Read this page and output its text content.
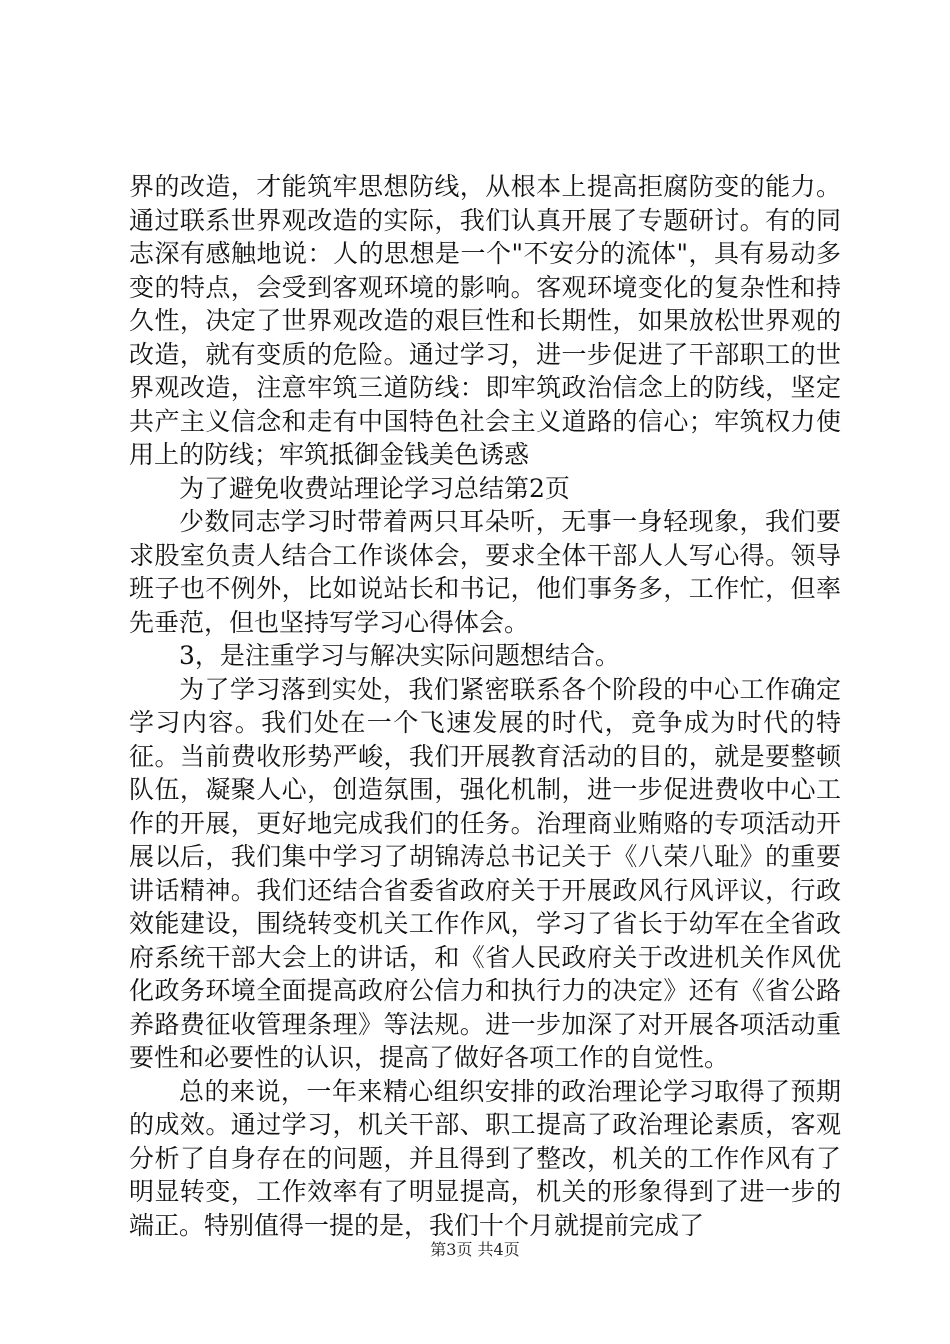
界的改造，才能筑牢思想防线，从根本上提高拒腐防变的能力。通过联系世界观改造的实际，我们认真开展了专题研讨。有的同志深有感触地说：人的思想是一个"不安分的流体"，具有易动多变的特点，会受到客观环境的影响。客观环境变化的复杂性和持久性，决定了世界观改造的艰巨性和长期性，如果放松世界观的改造，就有变质的危险。通过学习，进一步促进了干部职工的世界观改造，注意牢筑三道防线：即牢筑政治信念上的防线，坚定共产主义信念和走有中国特色社会主义道路的信心；牢筑权力使用上的防线；牢筑抵御金钱美色诱惑

为了避免收费站理论学习总结第2页

少数同志学习时带着两只耳朵听，无事一身轻现象，我们要求股室负责人结合工作谈体会，要求全体干部人人写心得。领导班子也不例外，比如说站长和书记，他们事务多，工作忙，但率先垂范，但也坚持写学习心得体会。

3，是注重学习与解决实际问题想结合。

为了学习落到实处，我们紧密联系各个阶段的中心工作确定学习内容。我们处在一个飞速发展的时代，竞争成为时代的特征。当前费收形势严峻，我们开展教育活动的目的，就是要整顿队伍，凝聚人心，创造氛围，强化机制，进一步促进费收中心工作的开展，更好地完成我们的任务。治理商业贿赂的专项活动开展以后，我们集中学习了胡锦涛总书记关于《八荣八耻》的重要讲话精神。我们还结合省委省政府关于开展政风行风评议，行政效能建设，围绕转变机关工作作风，学习了省长于幼军在全省政府系统干部大会上的讲话，和《省人民政府关于改进机关作风优化政务环境全面提高政府公信力和执行力的决定》还有《省公路养路费征收管理条理》等法规。进一步加深了对开展各项活动重要性和必要性的认识，提高了做好各项工作的自觉性。

总的来说，一年来精心组织安排的政治理论学习取得了预期的成效。通过学习，机关干部、职工提高了政治理论素质，客观分析了自身存在的问题，并且得到了整改，机关的工作作风有了明显转变，工作效率有了明显提高，机关的形象得到了进一步的端正。特别值得一提的是，我们十个月就提前完成了

第3页 共4页
